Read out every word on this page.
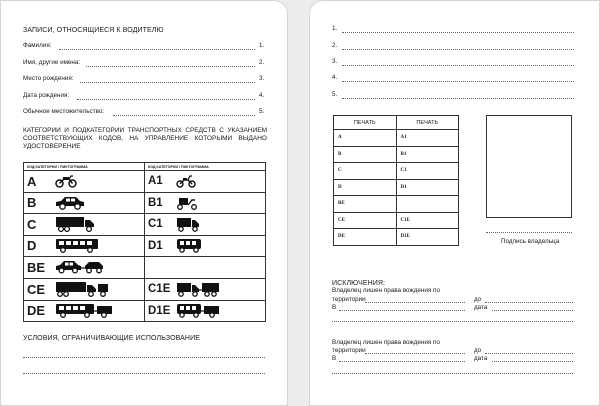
ЗАПИСИ, ОТНОСЯЩИЕСЯ К ВОДИТЕЛЮ
Фамилия:	1.
Имя, другие имена:	2.
Место рождения:	3.
Дата рождения:	4.
Обычное местожительство:	5.
КАТЕГОРИИ И ПОДКАТЕГОРИИ ТРАНСПОРТНЫХ СРЕДСТВ С УКАЗАНИЕМ СООТВЕТСТВУЮЩИХ КОДОВ, НА УПРАВЛЕНИЕ КОТОРЫМИ ВЫДАНО УДОСТОВЕРЕНИЕ
КОД КАТЕГОРИИ / ПИКТОГРАММА	КОД КАТЕГОРИИ / ПИКТОГРАММА
A	A1
B	B1
C	C1
D	D1
BE	
CE	C1E
DE	D1E
УСЛОВИЯ, ОГРАНИЧИВАЮЩИЕ ИСПОЛЬЗОВАНИЕ
1.
2.
3.
4.
5.
ПЕЧАТЬ	ПЕЧАТЬ
A	A1
B	B1
C	C1
D	D1
BE	
CE	C1E
DE	D1E
Подпись владельца
ИСКЛЮЧЕНИЯ:
Владелец лишен права вождения по
территории
В
до
дата
Владелец лишен права вождения по
территории
В
до
дата
